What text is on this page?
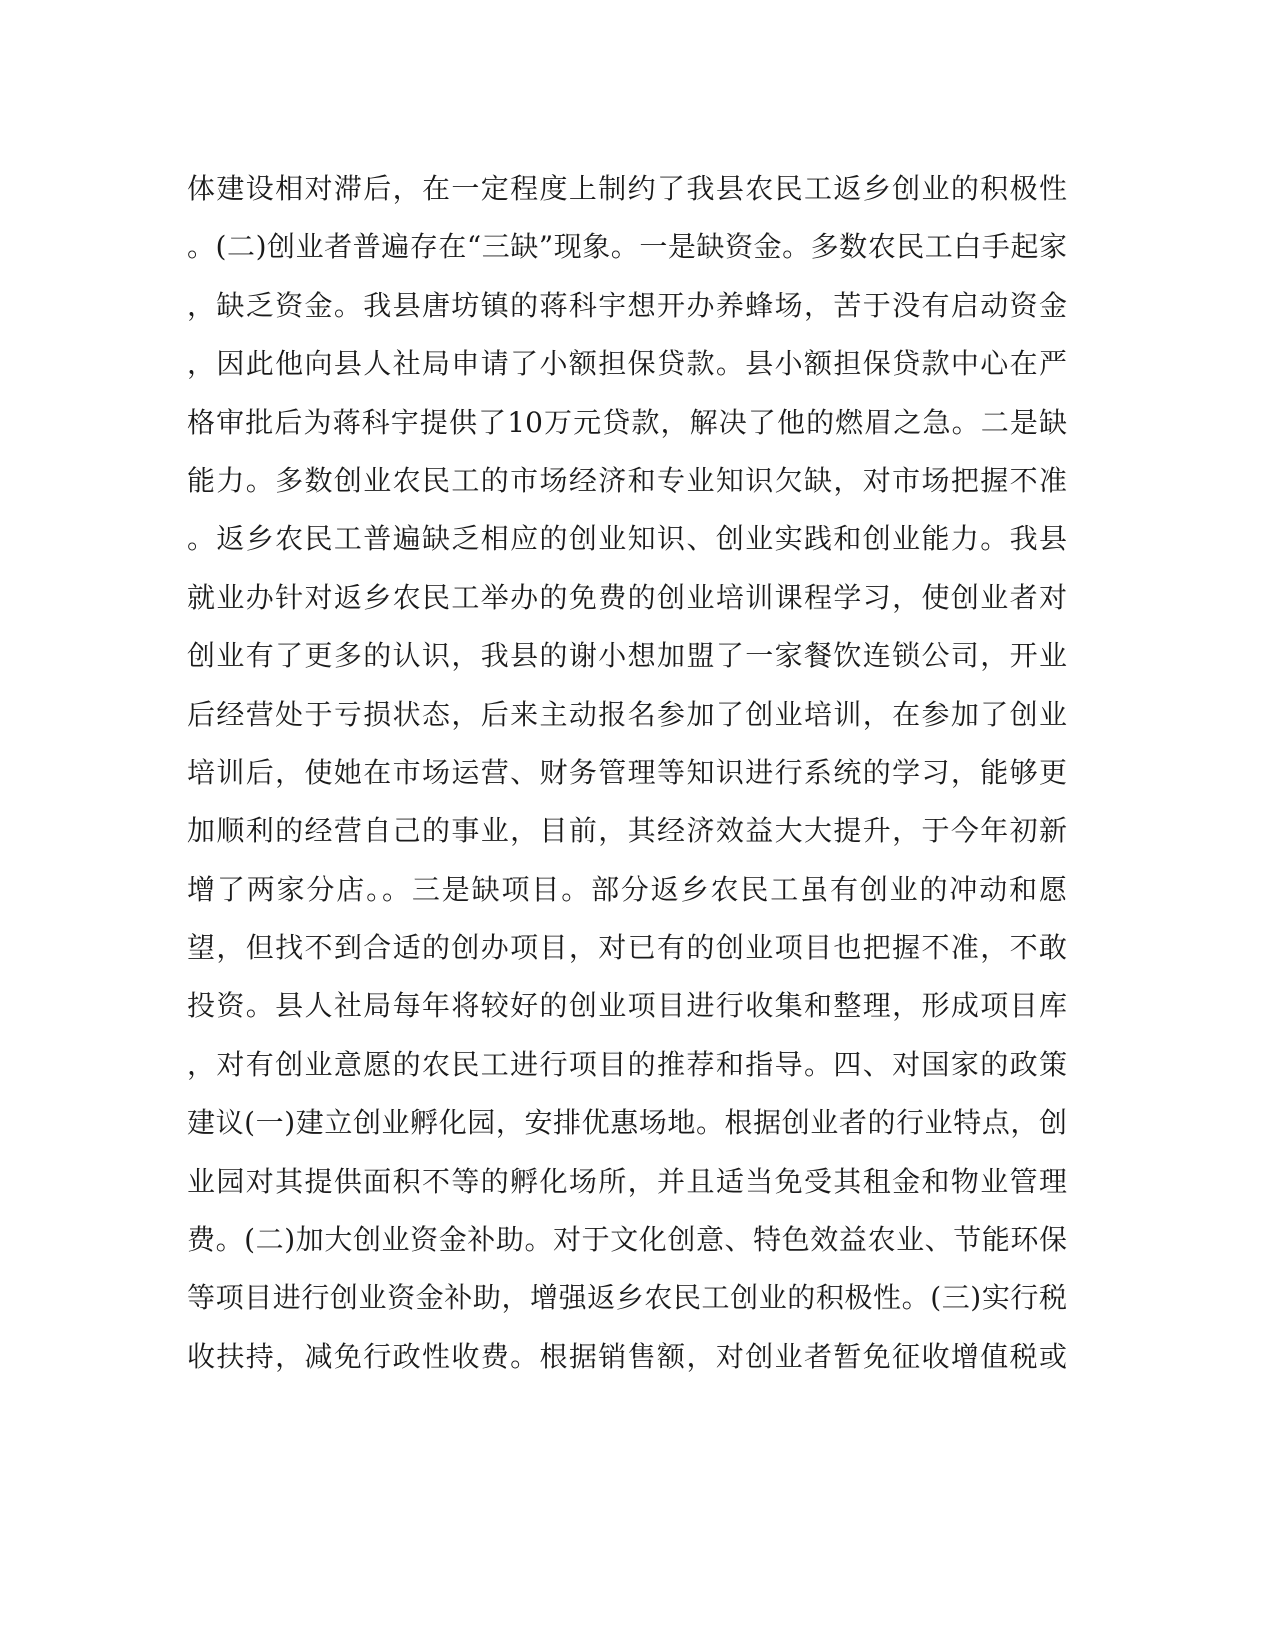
体建设相对滞后，在一定程度上制约了我县农民工返乡创业的积极性
。(二)创业者普遍存在“三缺”现象。一是缺资金。多数农民工白手起家
，缺乏资金。我县唐坊镇的蒋科宇想开办养蜂场，苦于没有启动资金
，因此他向县人社局申请了小额担保贷款。县小额担保贷款中心在严
格审批后为蒋科宇提供了10万元贷款，解决了他的燃眉之急。二是缺
能力。多数创业农民工的市场经济和专业知识欠缺，对市场把握不准
。返乡农民工普遍缺乏相应的创业知识、创业实践和创业能力。我县
就业办针对返乡农民工举办的免费的创业培训课程学习，使创业者对
创业有了更多的认识，我县的谢小想加盟了一家餐饮连锁公司，开业
后经营处于亏损状态，后来主动报名参加了创业培训，在参加了创业
培训后，使她在市场运营、财务管理等知识进行系统的学习，能够更
加顺利的经营自己的事业，目前，其经济效益大大提升，于今年初新
增了两家分店。。三是缺项目。部分返乡农民工虽有创业的冲动和愿
望，但找不到合适的创办项目，对已有的创业项目也把握不准，不敢
投资。县人社局每年将较好的创业项目进行收集和整理，形成项目库
，对有创业意愿的农民工进行项目的推荐和指导。四、对国家的政策
建议(一)建立创业孵化园，安排优惠场地。根据创业者的行业特点，创
业园对其提供面积不等的孵化场所，并且适当免受其租金和物业管理
费。(二)加大创业资金补助。对于文化创意、特色效益农业、节能环保
等项目进行创业资金补助，增强返乡农民工创业的积极性。(三)实行税
收扶持，减免行政性收费。根据销售额，对创业者暂免征收增值税或
